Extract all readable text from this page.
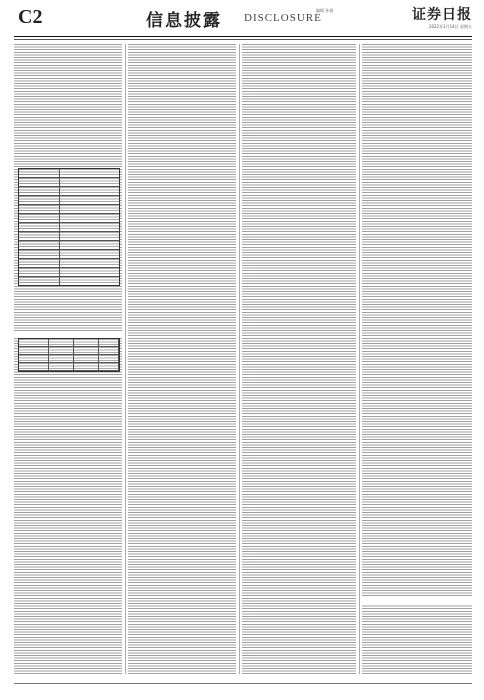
C2	信息披露 DISCLOSURE
编辑 孙倩	证券日报
2022年1月14日 星期五
